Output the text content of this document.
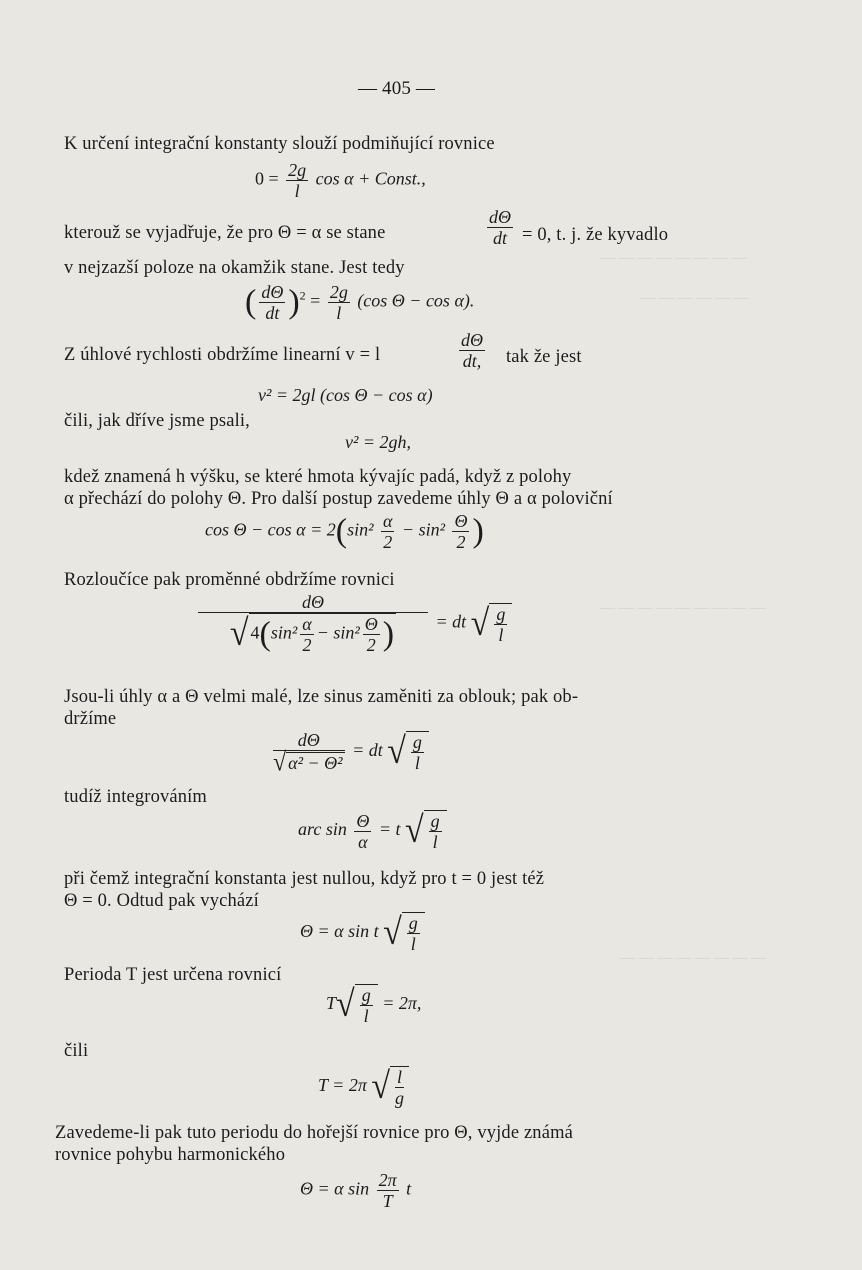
— — — — — — — —
— — — — — —
— — — — — — — — —
— — — — — — — —
— 405 —
K určení integrační konstanty slouží podmiňující rovnice
$0 = \frac{2g}{l}$ cos α + Const.,
kterouž se vyjadřuje, že pro Θ = α se stane	$\frac{d\Theta}{dt} = 0$, t. j. že kyvadlo
v nejzazší poloze na okamžik stane. Jest tedy
( $\frac{d\Theta}{dt} )^2 = \frac{2g}{l} (\cos$ Θ − cos α).
Z úhlové rychlosti obdržíme linearní v = l	$\frac{d\Theta}{dt,}$ tak že jest
v² = 2gl (cos Θ − cos α)
čili, jak dříve jsme psali,
v² = 2gh,
kdež znamená h výšku, se které hmota kývajíc padá, když z polohy
α přechází do polohy Θ. Pro další postup zavedeme úhly Θ a α poloviční
$\cos \Theta - \cos \alpha = 2(\sin^2 \frac{\alpha}{2} - \sin^2 \frac{\Theta}{2}$ )
Rozloučíce pak proměnné obdržíme rovnici
$\frac{d\Theta}{√ 4(\sin^2 \frac{\alpha}{2} - \sin^2 \frac{\Theta}{2} )}$ = dt √ $\frac{g}{l}$
Jsou-li úhly α a Θ velmi malé, lze sinus zaměniti za oblouk; pak ob-
držíme
$\frac{d\Theta}{\text{√ α² − Θ²}}$ = dt √ $\frac{g}{l}$
tudíž integrováním
arc $\sin \frac{\Theta}{\alpha} = t$ √ $\frac{g}{l}$
při čemž integrační konstanta jest nullou, když pro t = 0 jest též
Θ = 0. Odtud pak vychází
Θ = α sin t √ $\frac{g}{l}$
Perioda T jest určena rovnicí
$T√ \frac{g}{l} = 2\pi$,
čili
T = 2π √ $\frac{l}{g}$
Zavedeme-li pak tuto periodu do hořejší rovnice pro Θ, vyjde známá
rovnice pohybu harmonického
Θ = α $\sin \frac{2\pi}{T}$ t
